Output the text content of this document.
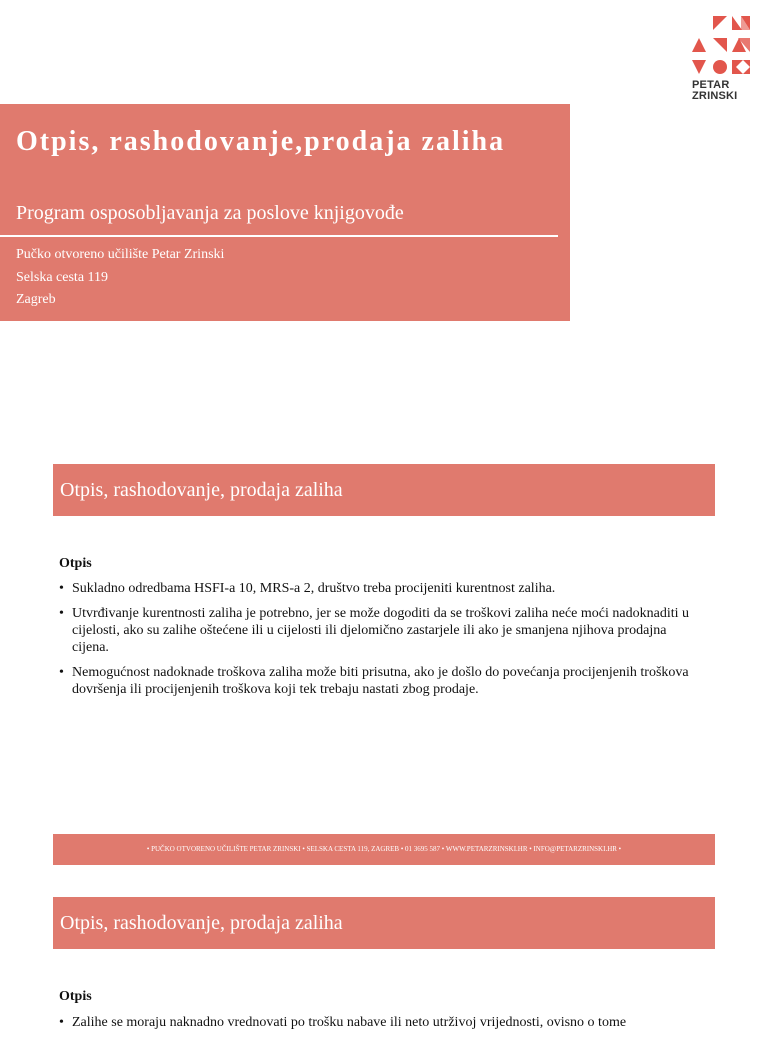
PETAR
ZRINSKI
Otpis, rashodovanje,prodaja zaliha
Program osposobljavanja za poslove knjigovođe
Pučko otvoreno učilište Petar Zrinski
Selska cesta 119
Zagreb
Otpis, rashodovanje, prodaja zaliha
Otpis
• Sukladno odredbama HSFI-a 10, MRS-a 2, društvo treba procijeniti kurentnost zaliha.
• Utvrđivanje kurentnosti zaliha je potrebno, jer se može dogoditi da se troškovi zaliha neće moći nadoknaditi u cijelosti, ako su zalihe oštećene ili u cijelosti ili djelomično zastarjele ili ako je smanjena njihova prodajna cijena.
• Nemogućnost nadoknade troškova zaliha može biti prisutna, ako je došlo do povećanja procijenjenih troškova dovršenja ili procijenjenih troškova koji tek trebaju nastati zbog prodaje.
• PUČKO OTVORENO UČILIŠTE PETAR ZRINSKI • SELSKA CESTA 119, ZAGREB • 01 3695 587 • WWW.PETARZRINSKI.HR • INFO@PETARZRINSKI.HR •
Otpis, rashodovanje, prodaja zaliha
Otpis
• Zalihe se moraju naknadno vrednovati po trošku nabave ili neto utrživoj vrijednosti, ovisno o tome
